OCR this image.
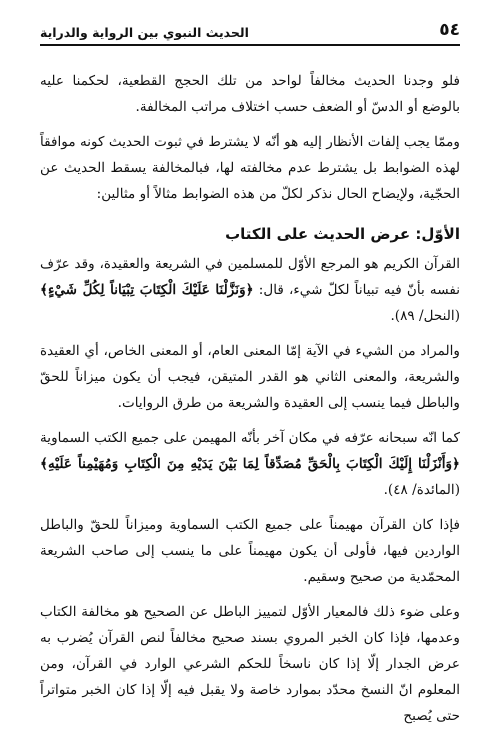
٥٤
الحديث النبوي بين الرواية والدراية

فلو وجدنا الحديث مخالفاً لواحد من تلك الحجج القطعية، لحكمنا عليه بالوضع أو الدسّ أو الضعف حسب اختلاف مراتب المخالفة.

وممّا يجب إلفات الأنظار إليه هو أنّه لا يشترط في ثبوت الحديث كونه موافقاً لهذه الضوابط بل يشترط عدم مخالفته لها، فبالمخالفة يسقط الحديث عن الحجّية، ولإيضاح الحال نذكر لكلّ من هذه الضوابط مثالاً أو مثالين:

الأوّل: عرض الحديث على الكتاب

القرآن الكريم هو المرجع الأوّل للمسلمين في الشريعة والعقيدة، وقد عرّف نفسه بأنّ فيه تبياناً لكلّ شيء، قال: ﴿وَنَزَّلْنَا عَلَيْكَ الْكِتَابَ تِبْيَاناً لِكُلِّ شَيْءٍ﴾ (النحل/ ٨٩).

والمراد من الشيء في الآية إمّا المعنى العام، أو المعنى الخاص، أي العقيدة والشريعة، والمعنى الثاني هو القدر المتيقن، فيجب أن يكون ميزاناً للحقّ والباطل فيما ينسب إلى العقيدة والشريعة من طرق الروايات.

كما انّه سبحانه عرّفه في مكان آخر بأنّه المهيمن على جميع الكتب السماوية ﴿وَأَنْزَلْنَا إِلَيْكَ الْكِتَابَ بِالْحَقِّ مُصَدِّقاً لِمَا بَيْنَ يَدَيْهِ مِنَ الْكِتَابِ وَمُهَيْمِناً عَلَيْهِ﴾ (المائدة/ ٤٨).

فإذا كان القرآن مهيمناً على جميع الكتب السماوية وميزاناً للحقّ والباطل الواردين فيها، فأولى أن يكون مهيمناً على ما ينسب إلى صاحب الشريعة المحمّدية من صحيح وسقيم.

وعلى ضوء ذلك فالمعيار الأوّل لتمييز الباطل عن الصحيح هو مخالفة الكتاب وعدمها، فإذا كان الخبر المروي بسند صحيح مخالفاً لنص القرآن يُضرب به عرض الجدار إلّا إذا كان ناسخاً للحكم الشرعي الوارد في القرآن، ومن المعلوم انّ النسخ محدّد بموارد خاصة ولا يقبل فيه إلّا إذا كان الخبر متواتراً حتى يُصبح
